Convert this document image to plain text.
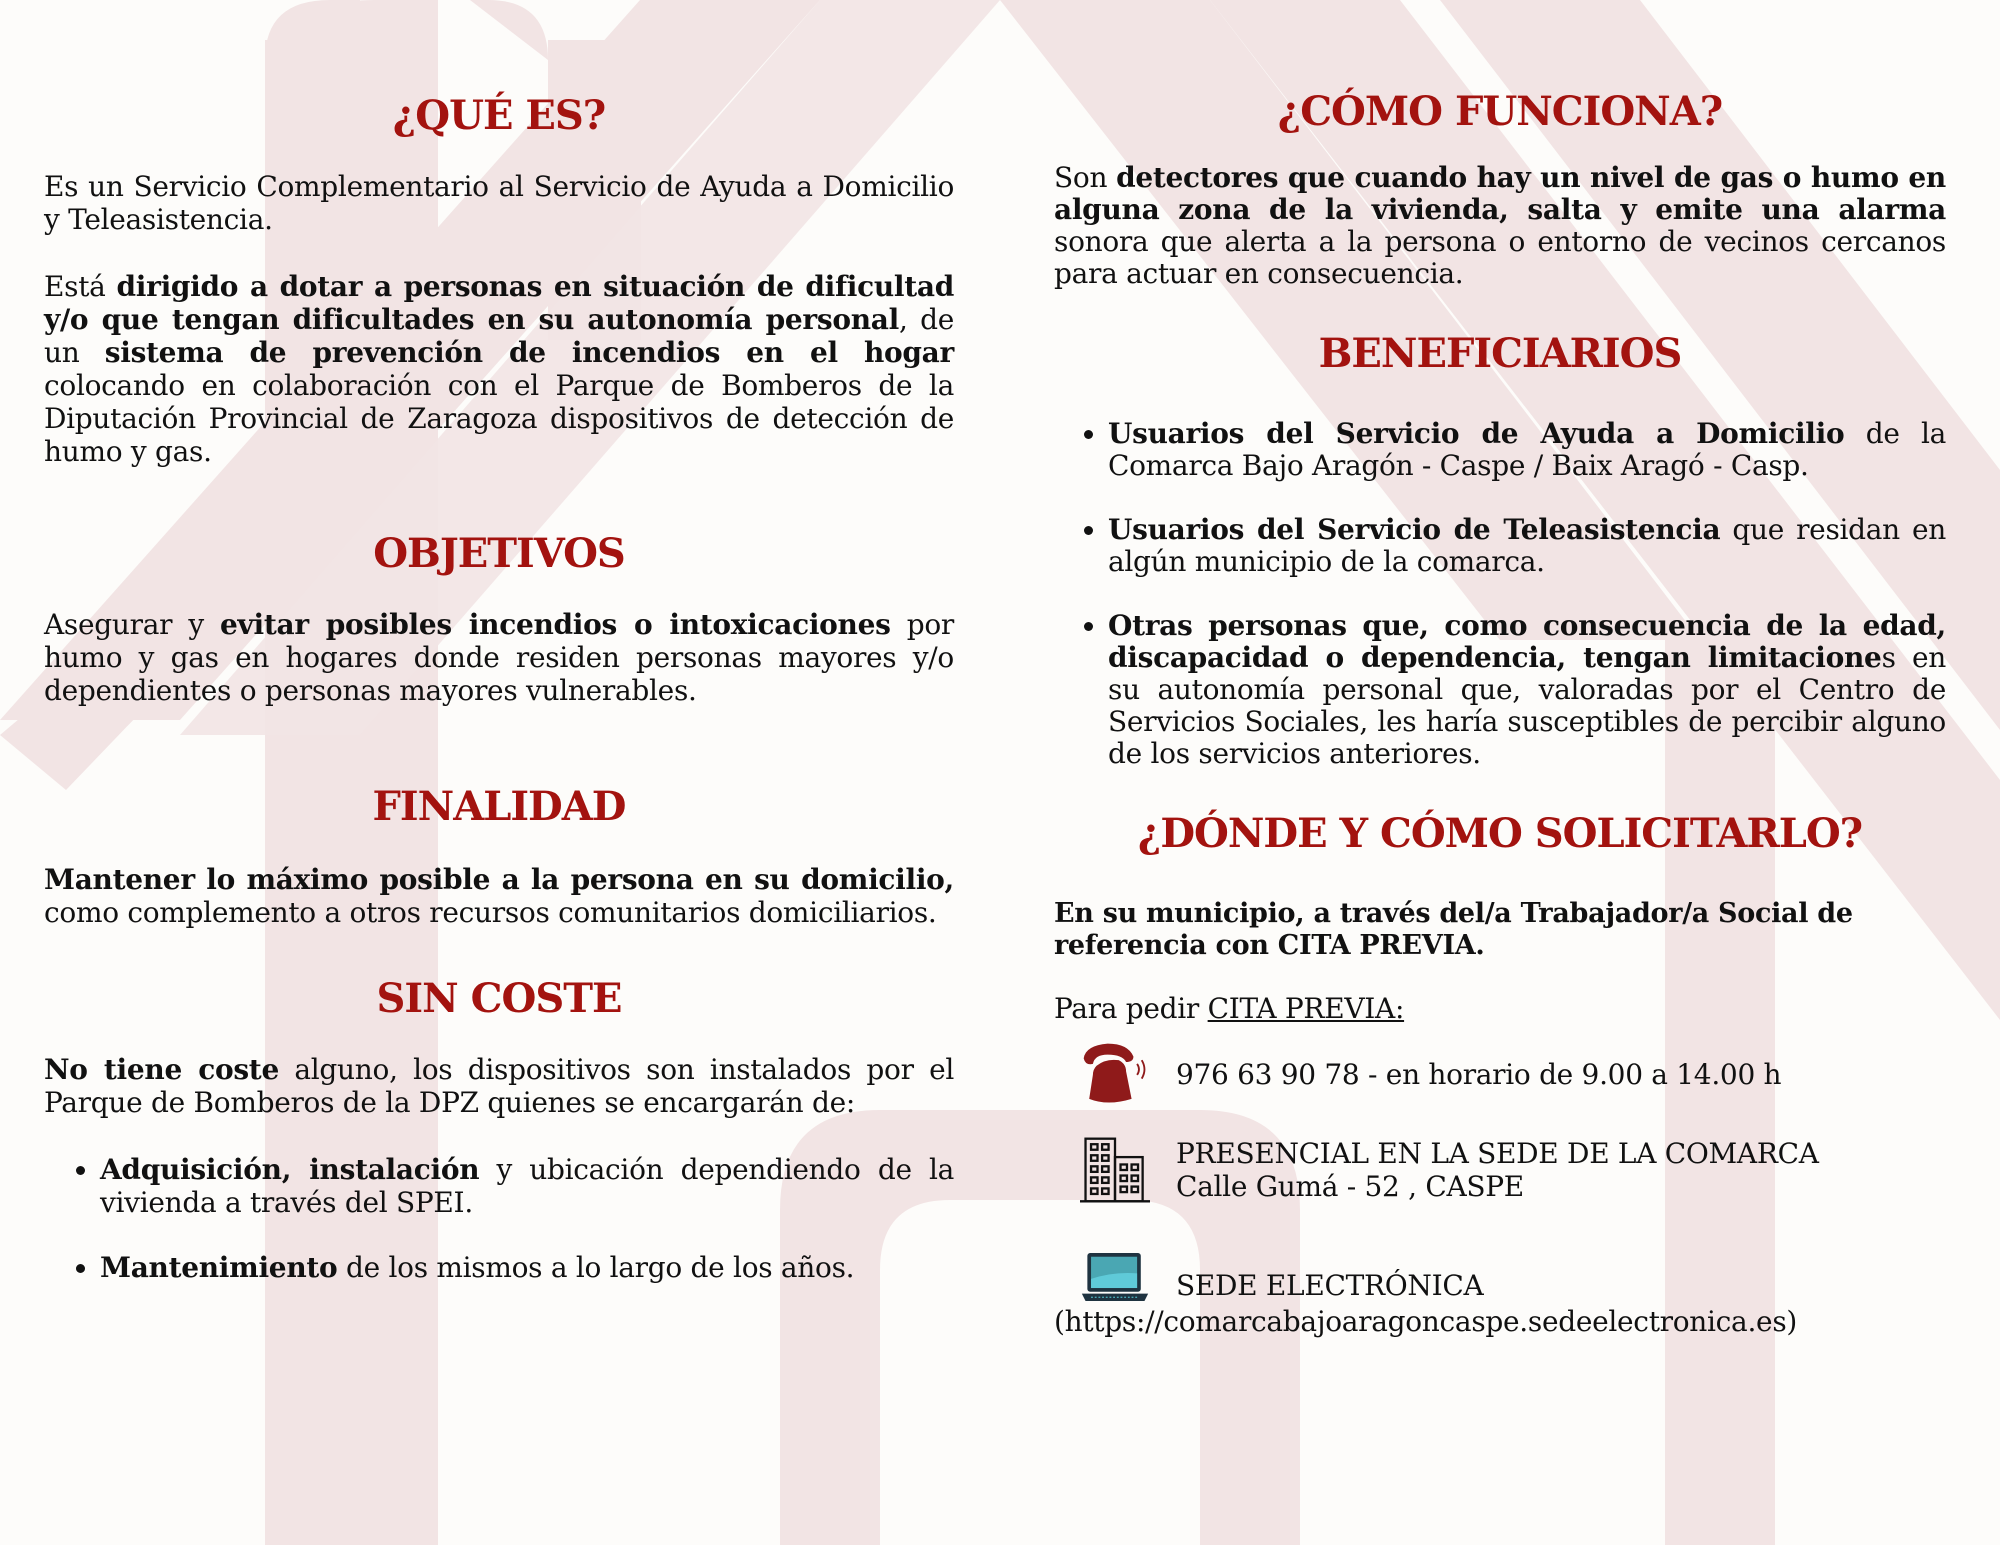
¿QUÉ ES?

Es un Servicio Complementario al Servicio de Ayuda a Domicilio y Teleasistencia.

Está dirigido a dotar a personas en situación de dificultad y/o que tengan dificultades en su autonomía personal, de un sistema de prevención de incendios en el hogar colocando en colaboración con el Parque de Bomberos de la Diputación Provincial de Zaragoza dispositivos de detección de humo y gas.

OBJETIVOS

Asegurar y evitar posibles incendios o intoxicaciones por humo y gas en hogares donde residen personas mayores y/o dependientes o personas mayores vulnerables.

FINALIDAD

Mantener lo máximo posible a la persona en su domicilio, como complemento a otros recursos comunitarios domiciliarios.

SIN COSTE

No tiene coste alguno, los dispositivos son instalados por el Parque de Bomberos de la DPZ quienes se encargarán de:

• Adquisición, instalación y ubicación dependiendo de la vivienda a través del SPEI.
• Mantenimiento de los mismos a lo largo de los años.
¿CÓMO FUNCIONA?

Son detectores que cuando hay un nivel de gas o humo en alguna zona de la vivienda, salta y emite una alarma sonora que alerta a la persona o entorno de vecinos cercanos para actuar en consecuencia.

BENEFICIARIOS
• Usuarios del Servicio de Ayuda a Domicilio de la Comarca Bajo Aragón - Caspe / Baix Aragó - Casp.
• Usuarios del Servicio de Teleasistencia que residan en algún municipio de la comarca.
• Otras personas que, como consecuencia de la edad, discapacidad o dependencia, tengan limitaciones en su autonomía personal que, valoradas por el Centro de Servicios Sociales, les haría susceptibles de percibir alguno de los servicios anteriores.
¿DÓNDE Y CÓMO SOLICITARLO?

En su municipio, a través del/a Trabajador/a Social de referencia con CITA PREVIA.

Para pedir CITA PREVIA:

976 63 90 78 - en horario de 9.00 a 14.00 h

PRESENCIAL EN LA SEDE DE LA COMARCA

Calle Gumá - 52 , CASPE

SEDE ELECTRÓNICA

(https://comarcabajoaragoncaspe.sedeelectronica.es)
